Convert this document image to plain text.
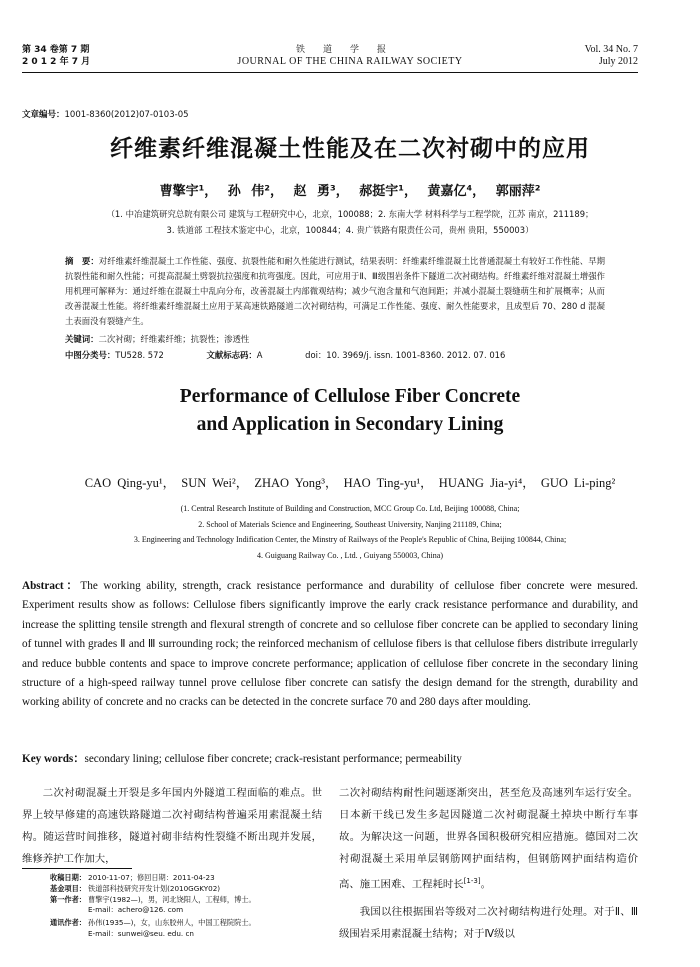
第 34 卷第 7 期
2 0 1 2 年 7 月
铁道学报
JOURNAL OF THE CHINA RAILWAY SOCIETY
Vol. 34 No. 7
July 2012
文章编号：1001-8360(2012)07-0103-05
纤维素纤维混凝土性能及在二次衬砌中的应用
曹擎宇¹， 孙 伟²， 赵 勇³， 郝挺宇¹， 黄嘉亿⁴， 郭丽萍²
（1. 中冶建筑研究总院有限公司 建筑与工程研究中心，北京，100088；2. 东南大学 材料科学与工程学院，江苏 南京，211189；
3. 铁道部 工程技术鉴定中心，北京，100844；4. 贵广铁路有限责任公司，贵州 贵阳，550003）
摘　要：对纤维素纤维混凝土工作性能、强度、抗裂性能和耐久性能进行测试，结果表明：纤维素纤维混凝土比普通混凝土有较好工作性能、早期抗裂性能和耐久性能；可提高混凝土劈裂抗拉强度和抗弯强度。因此，可应用于Ⅱ、Ⅲ级围岩条件下隧道二次衬砌结构。纤维素纤维对混凝土增强作用机理可解释为：通过纤维在混凝土中乱向分布，改善混凝土内部微观结构；减少气泡含量和气泡间距；并减小混凝土裂缝萌生和扩展概率；从而改善混凝土性能。将纤维素纤维混凝土应用于某高速铁路隧道二次衬砌结构，可满足工作性能、强度、耐久性能要求，且成型后 70、280 d 混凝土表面没有裂缝产生。
关键词：二次衬砌；纤维素纤维；抗裂性；渗透性
中图分类号：TU528. 572	文献标志码：A	doi：10. 3969/j. issn. 1001-8360. 2012. 07. 016
Performance of Cellulose Fiber Concrete
and Application in Secondary Lining
CAO Qing-yu¹， SUN Wei²， ZHAO Yong³， HAO Ting-yu¹， HUANG Jia-yi⁴， GUO Li-ping²
(1. Central Research Institute of Building and Construction, MCC Group Co. Ltd, Beijing 100088, China;
2. School of Materials Science and Engineering, Southeast University, Nanjing 211189, China;
3. Engineering and Technology Indification Center, the Minstry of Railways of the People's Republic of China, Beijing 100844, China;
4. Guiguang Railway Co. , Ltd. , Guiyang 550003, China)
Abstract：The working ability, strength, crack resistance performance and durability of cellulose fiber concrete were mesured. Experiment results show as follows: Cellulose fibers significantly improve the early crack resistance performance and durability, and increase the splitting tensile strength and flexural strength of concrete and so cellulose fiber concrete can be applied to secondary lining of tunnel with grades Ⅱ and Ⅲ surrounding rock; the reinforced mechanism of cellulose fibers is that cellulose fibers distribute irregularly and reduce bubble contents and space to improve concrete performance; application of cellulose fiber concrete in the secondary lining structure of a high-speed railway tunnel prove cellulose fiber concrete can satisfy the design demand for the strength, durability and working ability of concrete and no cracks can be detected in the concrete surface 70 and 280 days after moulding.
Key words：secondary lining; cellulose fiber concrete; crack-resistant performance; permeability

二次衬砌混凝土开裂是多年国内外隧道工程面临的难点。世界上较早修建的高速铁路隧道二次衬砌结构普遍采用素混凝土结构。随运营时间推移，隧道衬砌非结构性裂缝不断出现并发展，维修养护工作加大，

二次衬砌结构耐性问题逐渐突出，甚至危及高速列车运行安全。日本新干线已发生多起因隧道二次衬砌混凝土掉块中断行车事故。为解决这一问题，世界各国积极研究相应措施。德国对二次衬砌混凝土采用单层钢筋网护面结构，但钢筋网护面结构造价高、施工困难、工程耗时长[1-3]。

我国以往根据围岩等级对二次衬砌结构进行处理。对于Ⅱ、Ⅲ级围岩采用素混凝土结构；对于Ⅳ级以

收稿日期： 2010-11-07；修回日期：2011-04-23
基金项目： 铁道部科技研究开发计划(2010GGKY02)
第一作者： 曹擎宇(1982—)，男，河北饶阳人，工程师，博士。
E-mail：achero@126. com
通讯作者： 孙伟(1935—)，女，山东胶州人，中国工程院院士。
E-mail：sunwei@seu. edu. cn
